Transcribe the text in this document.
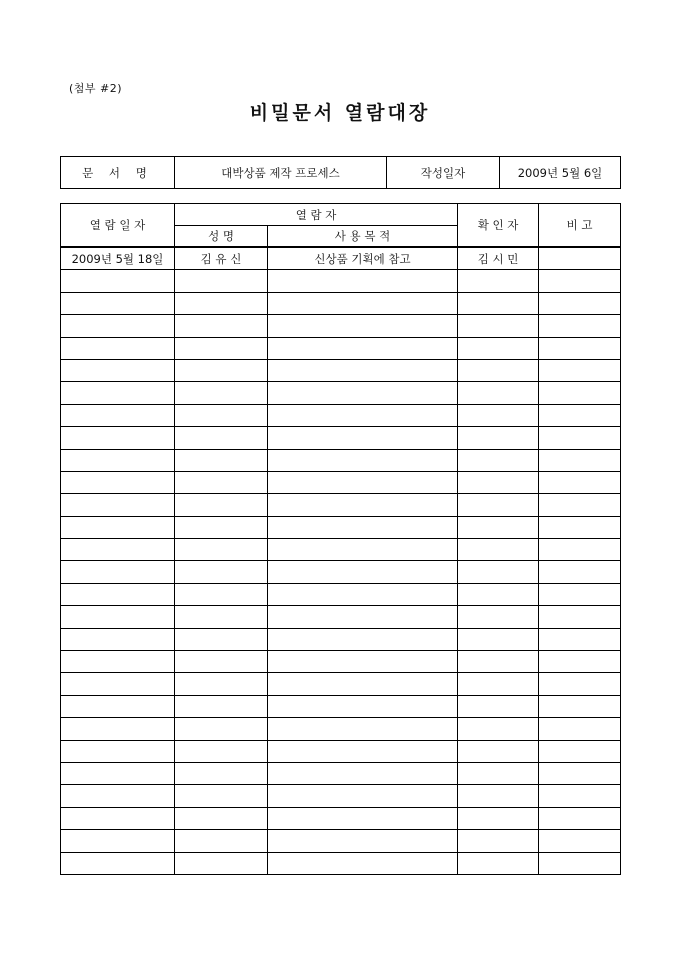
(첨부 #2)
비밀문서 열람대장
문 서 명	대박상품 제작 프로세스	작성일자	2009년 5월 6일
열 람 일 자	열 람 자		확 인 자	비 고
	성 명	사 용 목 적		
2009년 5월 18일	김 유 신	신상품 기획에 참고	김 시 민	
